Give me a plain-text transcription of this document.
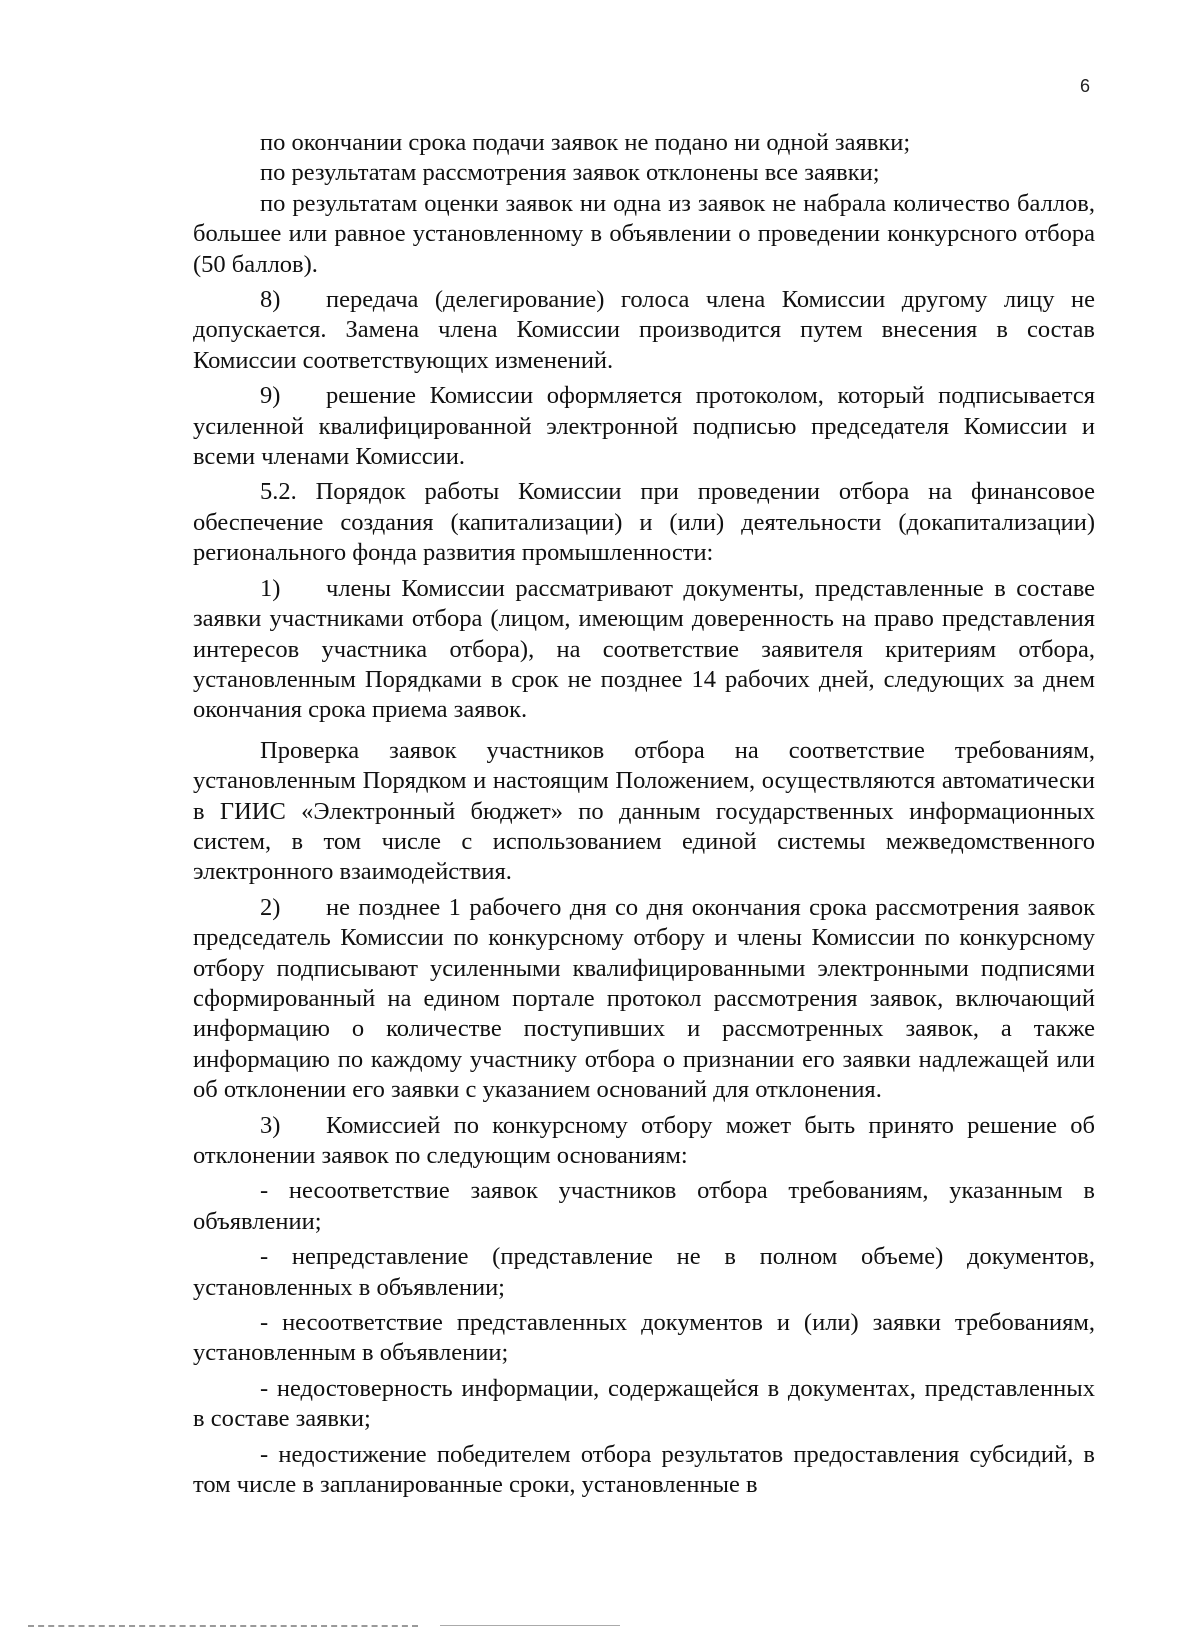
6

по окончании срока подачи заявок не подано ни одной заявки;

по результатам рассмотрения заявок отклонены все заявки;

по результатам оценки заявок ни одна из заявок не набрала количество баллов, большее или равное установленному в объявлении о проведении конкурсного отбора (50 баллов).

8) передача (делегирование) голоса члена Комиссии другому лицу не допускается. Замена члена Комиссии производится путем внесения в состав Комиссии соответствующих изменений.

9) решение Комиссии оформляется протоколом, который подписывается усиленной квалифицированной электронной подписью председателя Комиссии и всеми членами Комиссии.

5.2. Порядок работы Комиссии при проведении отбора на финансовое обеспечение создания (капитализации) и (или) деятельности (докапитализации) регионального фонда развития промышленности:

1) члены Комиссии рассматривают документы, представленные в составе заявки участниками отбора (лицом, имеющим доверенность на право представления интересов участника отбора), на соответствие заявителя критериям отбора, установленным Порядками в срок не позднее 14 рабочих дней, следующих за днем окончания срока приема заявок.

Проверка заявок участников отбора на соответствие требованиям, установленным Порядком и настоящим Положением, осуществляются автоматически в ГИИС «Электронный бюджет» по данным государственных информационных систем, в том числе с использованием единой системы межведомственного электронного взаимодействия.

2) не позднее 1 рабочего дня со дня окончания срока рассмотрения заявок председатель Комиссии по конкурсному отбору и члены Комиссии по конкурсному отбору подписывают усиленными квалифицированными электронными подписями сформированный на едином портале протокол рассмотрения заявок, включающий информацию о количестве поступивших и рассмотренных заявок, а также информацию по каждому участнику отбора о признании его заявки надлежащей или об отклонении его заявки с указанием оснований для отклонения.

3) Комиссией по конкурсному отбору может быть принято решение об отклонении заявок по следующим основаниям:

- несоответствие заявок участников отбора требованиям, указанным в объявлении;

- непредставление (представление не в полном объеме) документов, установленных в объявлении;

- несоответствие представленных документов и (или) заявки требованиям, установленным в объявлении;

- недостоверность информации, содержащейся в документах, представленных в составе заявки;

- недостижение победителем отбора результатов предоставления субсидий, в том числе в запланированные сроки, установленные в
